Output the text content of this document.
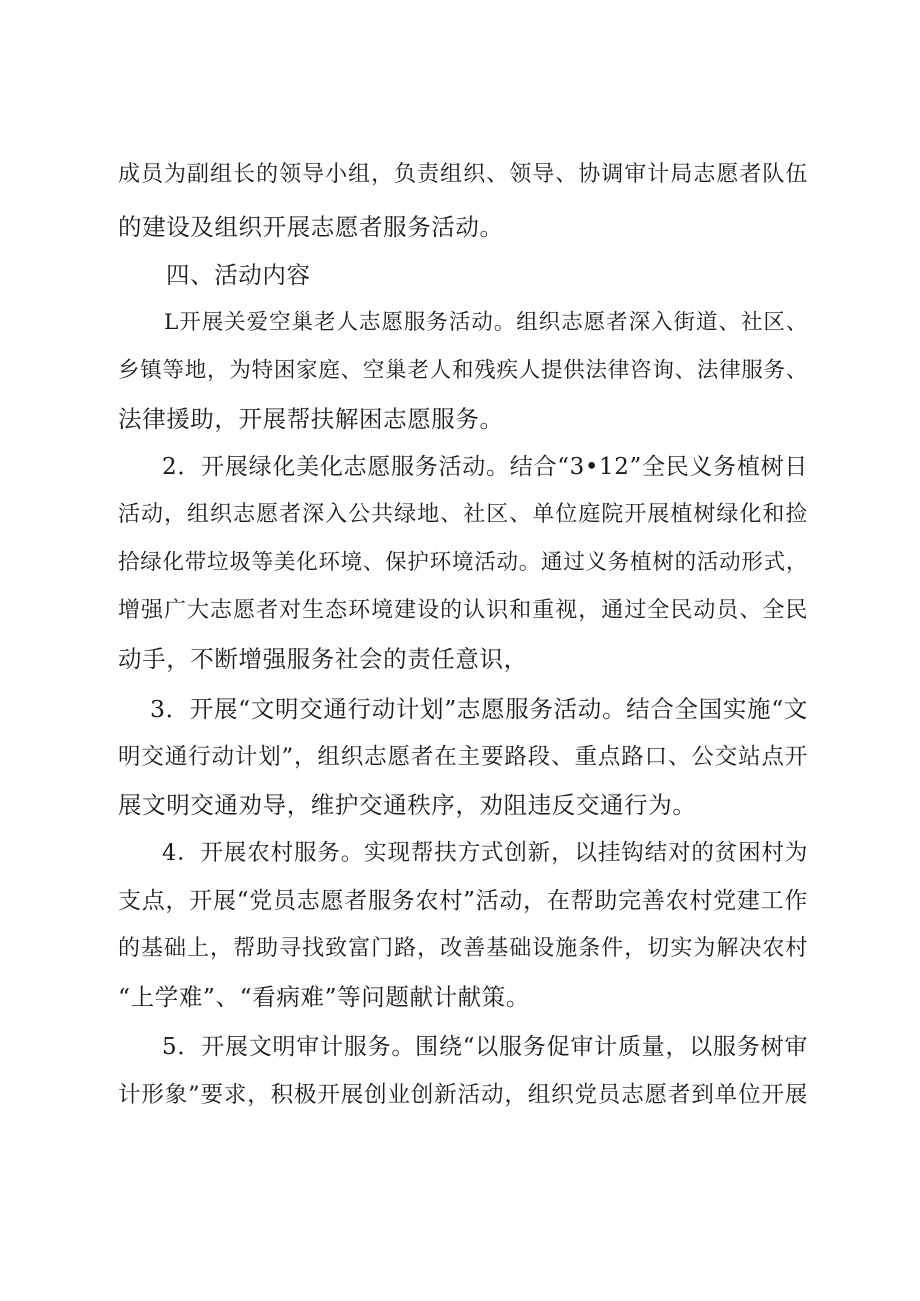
成员为副组长的领导小组，负责组织、领导、协调审计局志愿者队伍
的建设及组织开展志愿者服务活动。
四、活动内容
L开展关爱空巢老人志愿服务活动。组织志愿者深入街道、社区、
乡镇等地，为特困家庭、空巢老人和残疾人提供法律咨询、法律服务、
法律援助，开展帮扶解困志愿服务。
2．开展绿化美化志愿服务活动。结合“3•12”全民义务植树日
活动，组织志愿者深入公共绿地、社区、单位庭院开展植树绿化和捡
拾绿化带垃圾等美化环境、保护环境活动。通过义务植树的活动形式，
增强广大志愿者对生态环境建设的认识和重视，通过全民动员、全民
动手，不断增强服务社会的责任意识，
3．开展“文明交通行动计划”志愿服务活动。结合全国实施“文
明交通行动计划”，组织志愿者在主要路段、重点路口、公交站点开
展文明交通劝导，维护交通秩序，劝阻违反交通行为。
4．开展农村服务。实现帮扶方式创新，以挂钩结对的贫困村为
支点，开展“党员志愿者服务农村”活动，在帮助完善农村党建工作
的基础上，帮助寻找致富门路，改善基础设施条件，切实为解决农村
“上学难”、“看病难”等问题献计献策。
5．开展文明审计服务。围绕“以服务促审计质量，以服务树审
计形象”要求，积极开展创业创新活动，组织党员志愿者到单位开展
